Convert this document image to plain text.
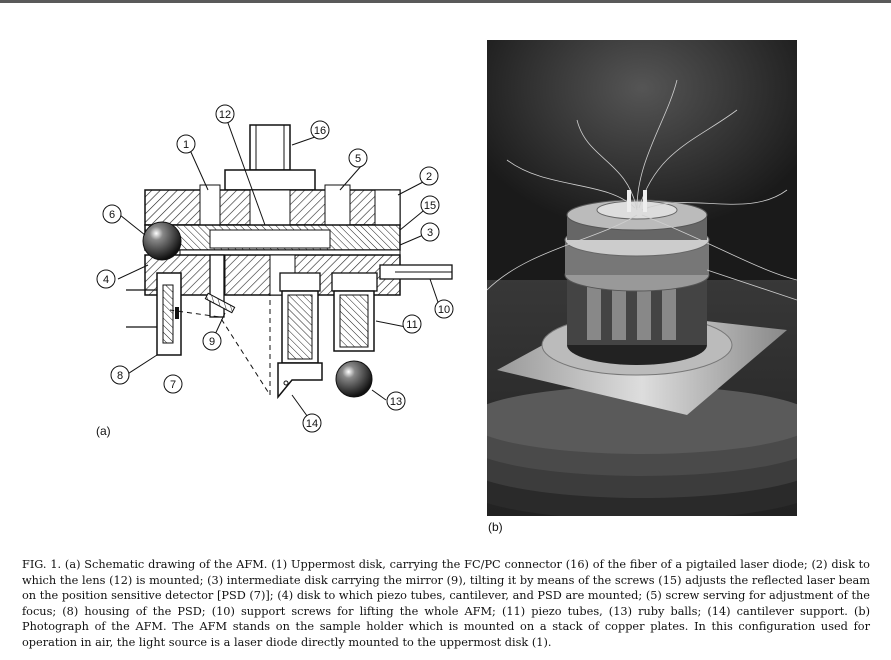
1
12
16
5
2
15
3
6
4
10
11
9
8
7
14
13
(a)
(b)
FIG. 1. (a) Schematic drawing of the AFM. (1) Uppermost disk, carrying the FC/PC connector (16) of the fiber of a pigtailed laser diode; (2) disk to which the lens (12) is mounted; (3) intermediate disk carrying the mirror (9), tilting it by means of the screws (15) adjusts the reflected laser beam on the position sensitive detector [PSD (7)]; (4) disk to which piezo tubes, cantilever, and PSD are mounted; (5) screw serving for adjustment of the focus; (8) housing of the PSD; (10) support screws for lifting the whole AFM; (11) piezo tubes, (13) ruby balls; (14) cantilever support. (b) Photograph of the AFM. The AFM stands on the sample holder which is mounted on a stack of copper plates. In this configuration used for operation in air, the light source is a laser diode directly mounted to the uppermost disk (1).
